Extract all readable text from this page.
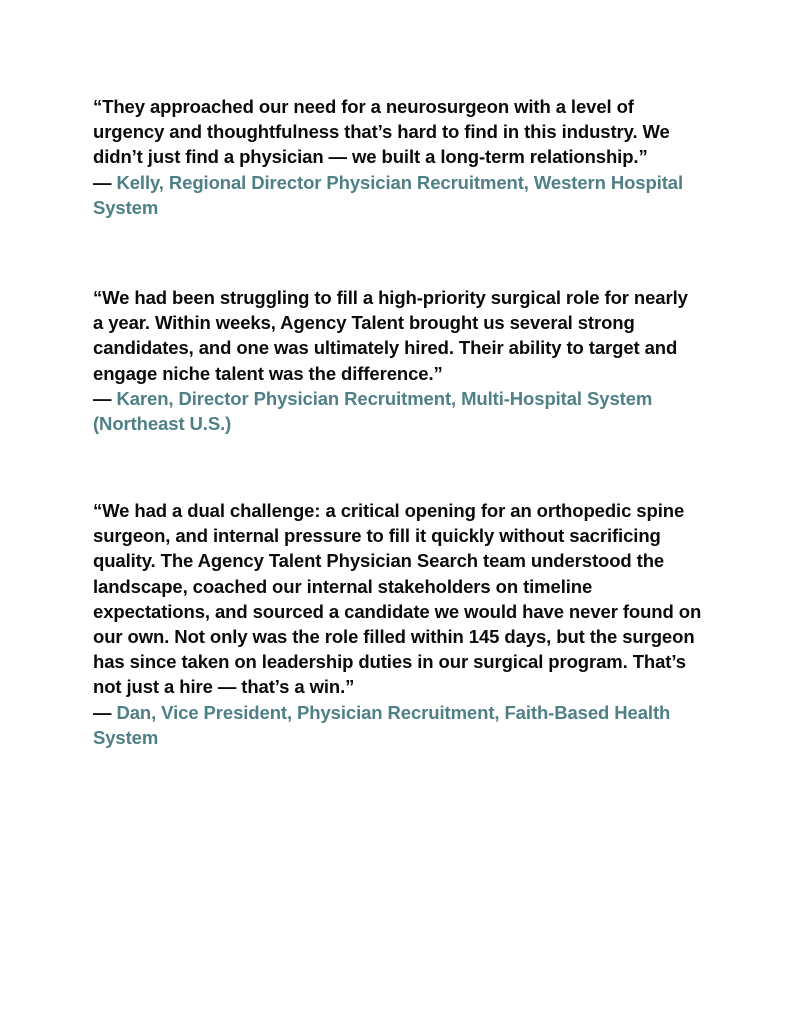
“They approached our need for a neurosurgeon with a level of urgency and thoughtfulness that’s hard to find in this industry. We didn’t just find a physician — we built a long-term relationship.”
— Kelly, Regional Director Physician Recruitment, Western Hospital System
“We had been struggling to fill a high-priority surgical role for nearly a year. Within weeks, Agency Talent brought us several strong candidates, and one was ultimately hired. Their ability to target and engage niche talent was the difference.”
— Karen, Director Physician Recruitment, Multi-Hospital System (Northeast U.S.)
“We had a dual challenge: a critical opening for an orthopedic spine surgeon, and internal pressure to fill it quickly without sacrificing quality. The Agency Talent Physician Search team understood the landscape, coached our internal stakeholders on timeline expectations, and sourced a candidate we would have never found on our own. Not only was the role filled within 145 days, but the surgeon has since taken on leadership duties in our surgical program. That’s not just a hire — that’s a win.”
— Dan, Vice President, Physician Recruitment, Faith-Based Health System
